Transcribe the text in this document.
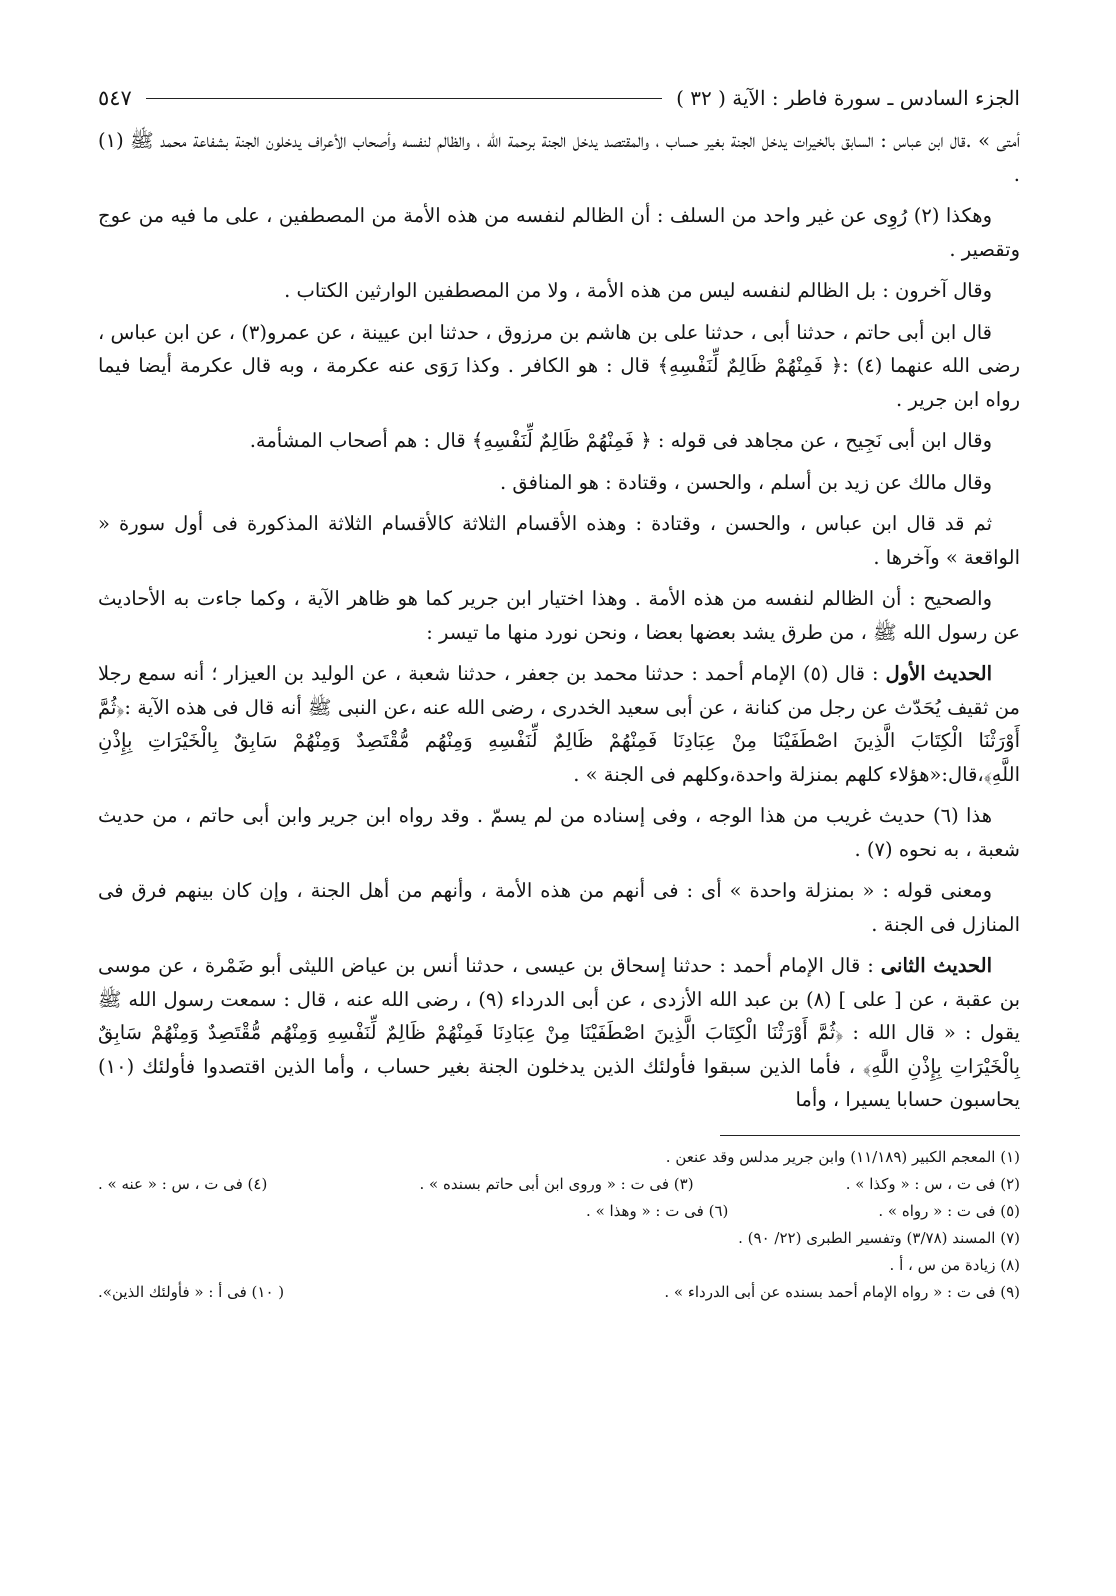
الجزء السادس ـ سورة فاطر : الآية ( ٣٢ )
٥٤٧

أمتى » .قال ابن عباس : السابق بالخيرات يدخل الجنة بغير حساب ، والمقتصد يدخل الجنة برحمة الله ، والظالم لنفسه وأصحاب الأعراف يدخلون الجنة بشفاعة محمد ﷺ (١) .

وهكذا (٢) رُوِى عن غير واحد من السلف : أن الظالم لنفسه من هذه الأمة من المصطفين ، على ما فيه من عوج وتقصير .

وقال آخرون : بل الظالم لنفسه ليس من هذه الأمة ، ولا من المصطفين الوارثين الكتاب .

قال ابن أبى حاتم ، حدثنا أبى ، حدثنا على بن هاشم بن مرزوق ، حدثنا ابن عيينة ، عن عمرو(٣) ، عن ابن عباس ، رضى الله عنهما (٤) :﴿ فَمِنْهُمْ ظَالِمٌ لِّنَفْسِهِ﴾ قال : هو الكافر . وكذا رَوَى عنه عكرمة ، وبه قال عكرمة أيضا فيما رواه ابن جرير .

وقال ابن أبى نَجِيح ، عن مجاهد فى قوله : ﴿ فَمِنْهُمْ ظَالِمٌ لِّنَفْسِهِ﴾ قال : هم أصحاب المشأمة.

وقال مالك عن زيد بن أسلم ، والحسن ، وقتادة : هو المنافق .

ثم قد قال ابن عباس ، والحسن ، وقتادة : وهذه الأقسام الثلاثة كالأقسام الثلاثة المذكورة فى أول سورة « الواقعة » وآخرها .

والصحيح : أن الظالم لنفسه من هذه الأمة . وهذا اختيار ابن جرير كما هو ظاهر الآية ، وكما جاءت به الأحاديث عن رسول الله ﷺ ، من طرق يشد بعضها بعضا ، ونحن نورد منها ما تيسر :

الحديث الأول : قال (٥) الإمام أحمد : حدثنا محمد بن جعفر ، حدثنا شعبة ، عن الوليد بن العيزار ؛ أنه سمع رجلا من ثقيف يُحَدّث عن رجل من كنانة ، عن أبى سعيد الخدرى ، رضى الله عنه ،عن النبى ﷺ أنه قال فى هذه الآية :﴿ثُمَّ أَوْرَثْنَا الْكِتَابَ الَّذِينَ اصْطَفَيْنَا مِنْ عِبَادِنَا فَمِنْهُمْ ظَالِمٌ لِّنَفْسِهِ وَمِنْهُم مُّقْتَصِدٌ وَمِنْهُمْ سَابِقٌ بِالْخَيْرَاتِ بِإِذْنِ اللَّهِ﴾،قال:«هؤلاء كلهم بمنزلة واحدة،وكلهم فى الجنة » .

هذا (٦) حديث غريب من هذا الوجه ، وفى إسناده من لم يسمّ . وقد رواه ابن جرير وابن أبى حاتم ، من حديث شعبة ، به نحوه (٧) .

ومعنى قوله : « بمنزلة واحدة » أى : فى أنهم من هذه الأمة ، وأنهم من أهل الجنة ، وإن كان بينهم فرق فى المنازل فى الجنة .

الحديث الثانى : قال الإمام أحمد : حدثنا إسحاق بن عيسى ، حدثنا أنس بن عياض الليثى أبو ضَمْرة ، عن موسى بن عقبة ، عن [ على ] (٨) بن عبد الله الأزدى ، عن أبى الدرداء (٩) ، رضى الله عنه ، قال : سمعت رسول الله ﷺ يقول : « قال الله : ﴿ثُمَّ أَوْرَثْنَا الْكِتَابَ الَّذِينَ اصْطَفَيْنَا مِنْ عِبَادِنَا فَمِنْهُمْ ظَالِمٌ لِّنَفْسِهِ وَمِنْهُم مُّقْتَصِدٌ وَمِنْهُمْ سَابِقٌ بِالْخَيْرَاتِ بِإِذْنِ اللَّهِ﴾ ، فأما الذين سبقوا فأولئك الذين يدخلون الجنة بغير حساب ، وأما الذين اقتصدوا فأولئك (١٠) يحاسبون حسابا يسيرا ، وأما

(١) المعجم الكبير (١١/١٨٩) وابن جرير مدلس وقد عنعن .
(٢) فى ت ، س : « وكذا » .
(٣) فى ت : « وروى ابن أبى حاتم بسنده » .
(٤) فى ت ، س : « عنه » .
(٥) فى ت : « رواه » .
(٦) فى ت : « وهذا » .
(٧) المسند (٣/٧٨) وتفسير الطبرى (٢٢/ ٩٠) .
(٨) زيادة من س ، أ .
(٩) فى ت : « رواه الإمام أحمد بسنده عن أبى الدرداء » .
( ١٠) فى أ : « فأولئك الذين».
